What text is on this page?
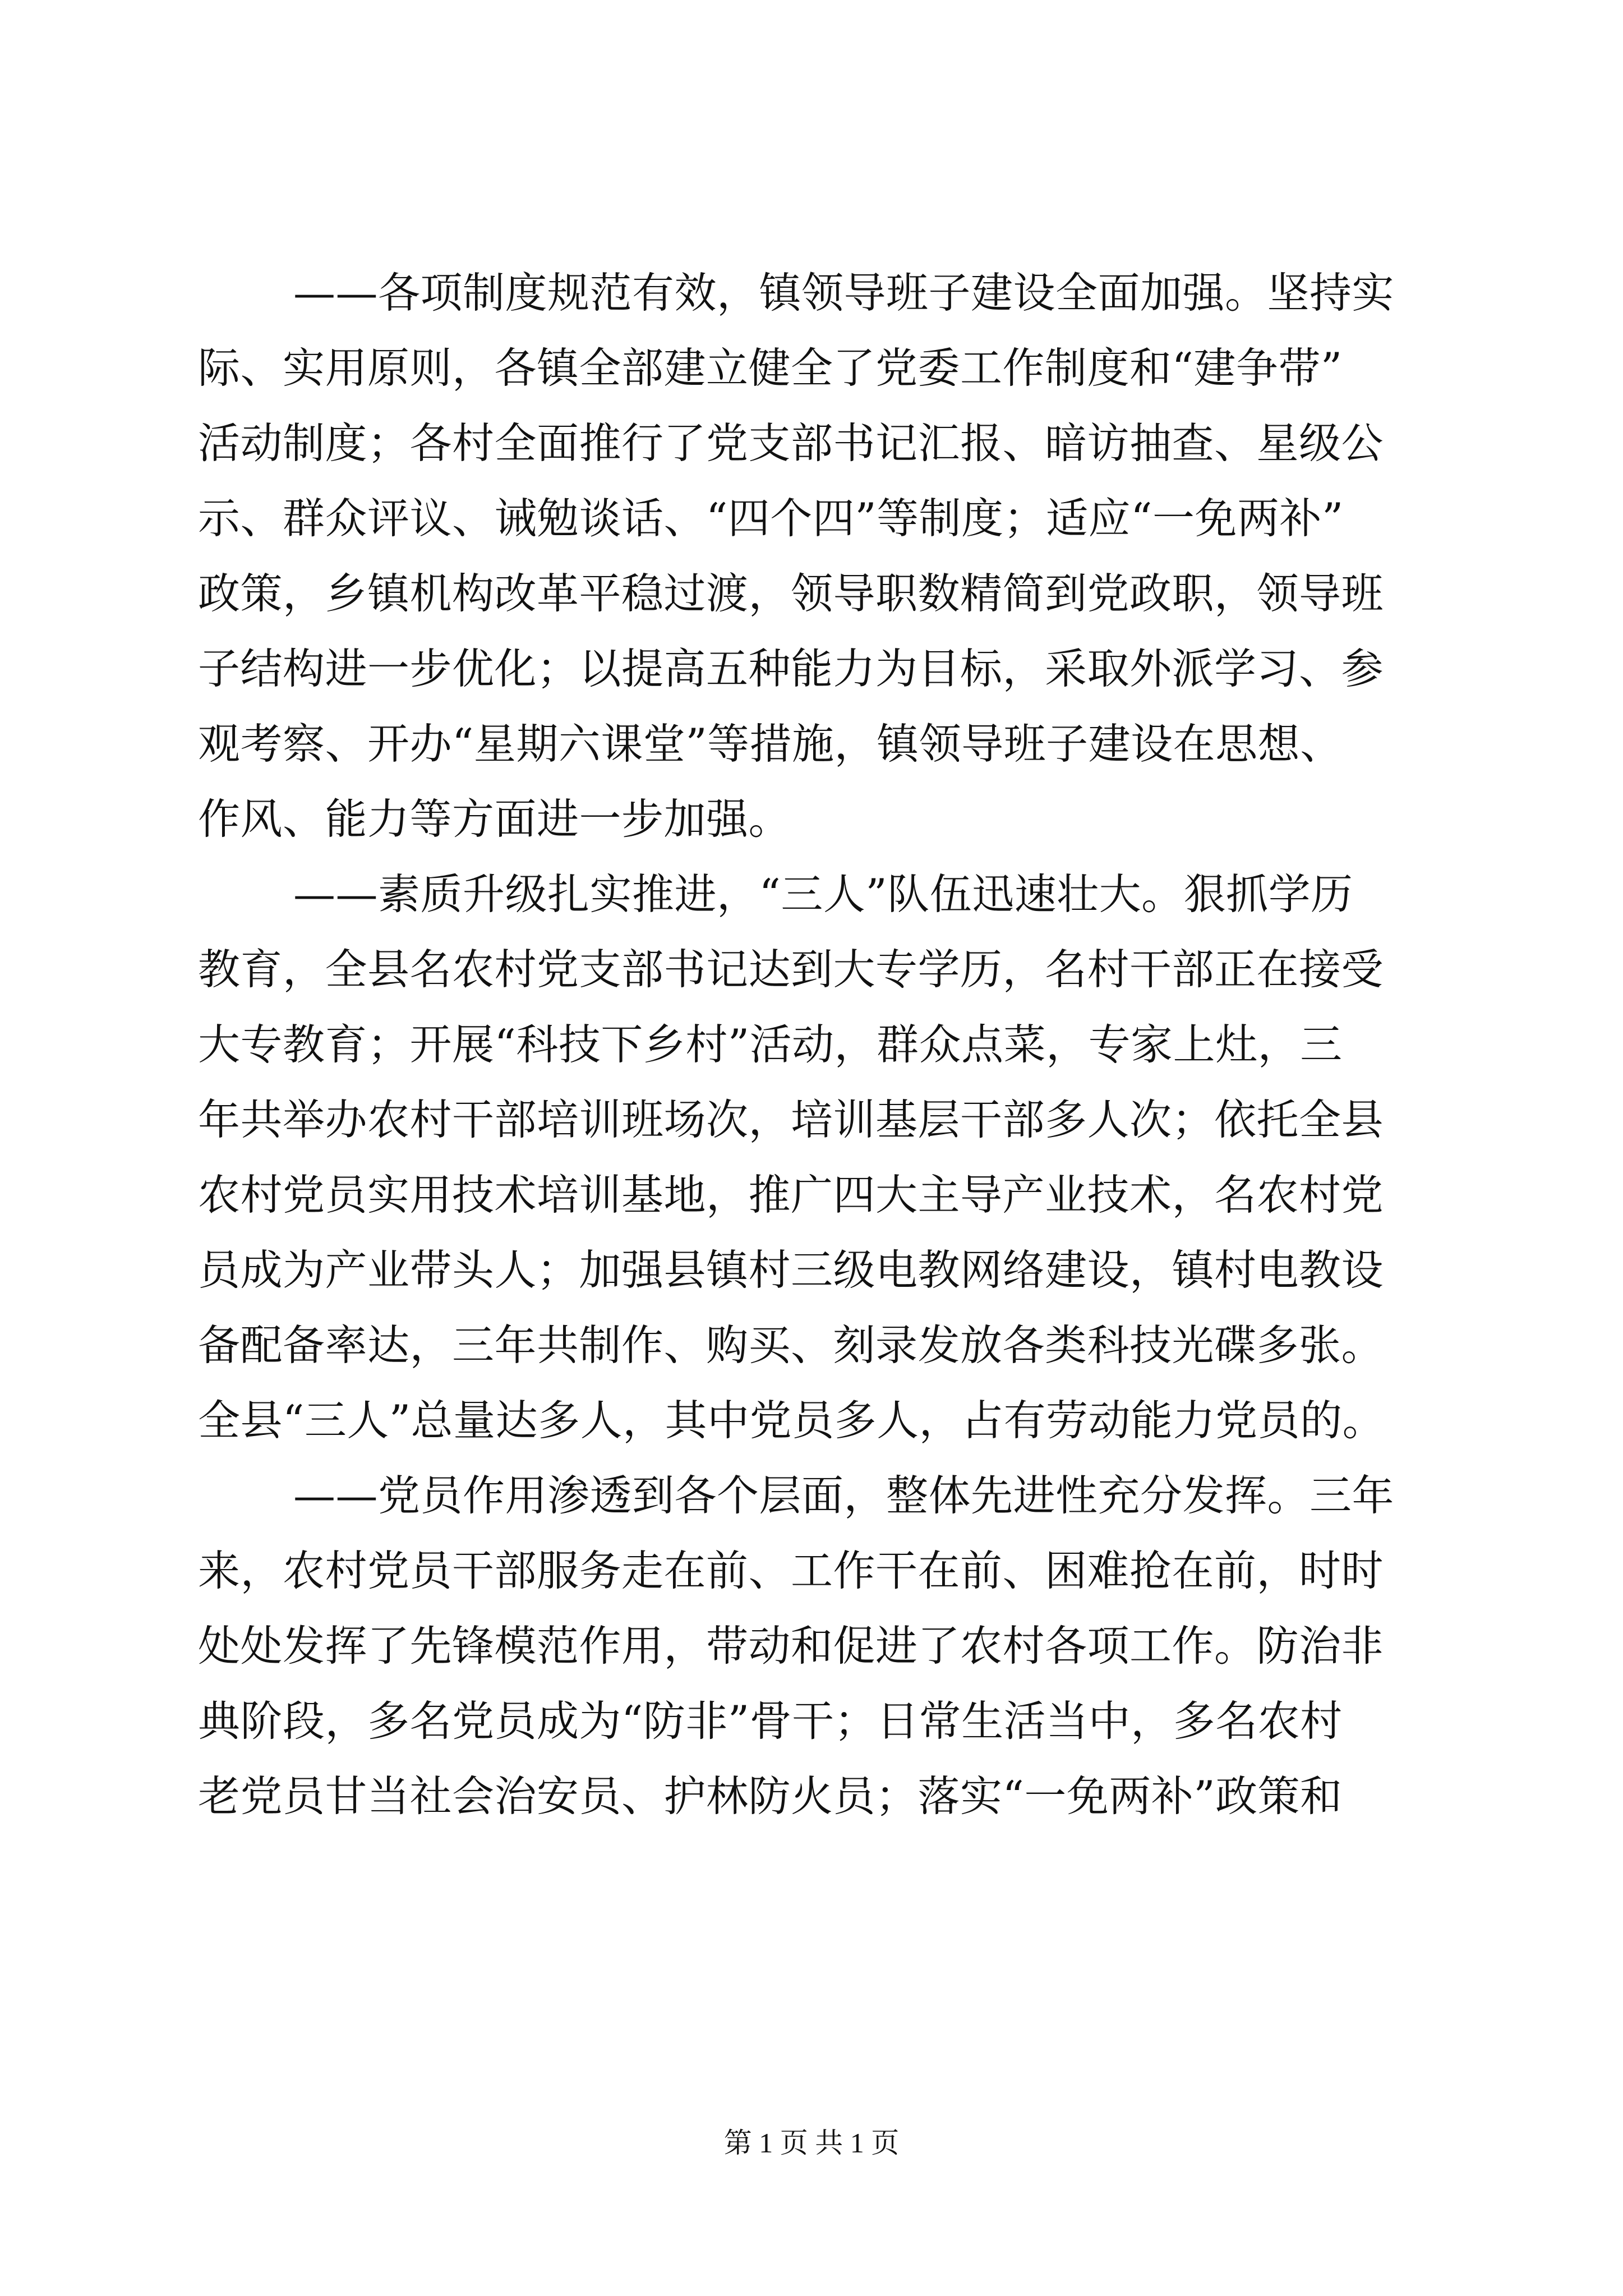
——各项制度规范有效，镇领导班子建设全面加强。坚持实
际、实用原则，各镇全部建立健全了党委工作制度和“建争带”
活动制度；各村全面推行了党支部书记汇报、暗访抽查、星级公
示、群众评议、诫勉谈话、“四个四”等制度；适应“一免两补”
政策，乡镇机构改革平稳过渡，领导职数精简到党政职，领导班
子结构进一步优化；以提高五种能力为目标，采取外派学习、参
观考察、开办“星期六课堂”等措施，镇领导班子建设在思想、
作风、能力等方面进一步加强。
——素质升级扎实推进，“三人”队伍迅速壮大。狠抓学历
教育，全县名农村党支部书记达到大专学历，名村干部正在接受
大专教育；开展“科技下乡村”活动，群众点菜，专家上灶，三
年共举办农村干部培训班场次，培训基层干部多人次；依托全县
农村党员实用技术培训基地，推广四大主导产业技术，名农村党
员成为产业带头人；加强县镇村三级电教网络建设，镇村电教设
备配备率达，三年共制作、购买、刻录发放各类科技光碟多张。
全县“三人”总量达多人，其中党员多人，占有劳动能力党员的。
——党员作用渗透到各个层面，整体先进性充分发挥。三年
来，农村党员干部服务走在前、工作干在前、困难抢在前，时时
处处发挥了先锋模范作用，带动和促进了农村各项工作。防治非
典阶段，多名党员成为“防非”骨干；日常生活当中，多名农村
老党员甘当社会治安员、护林防火员；落实“一免两补”政策和
第 1 页 共 1 页
